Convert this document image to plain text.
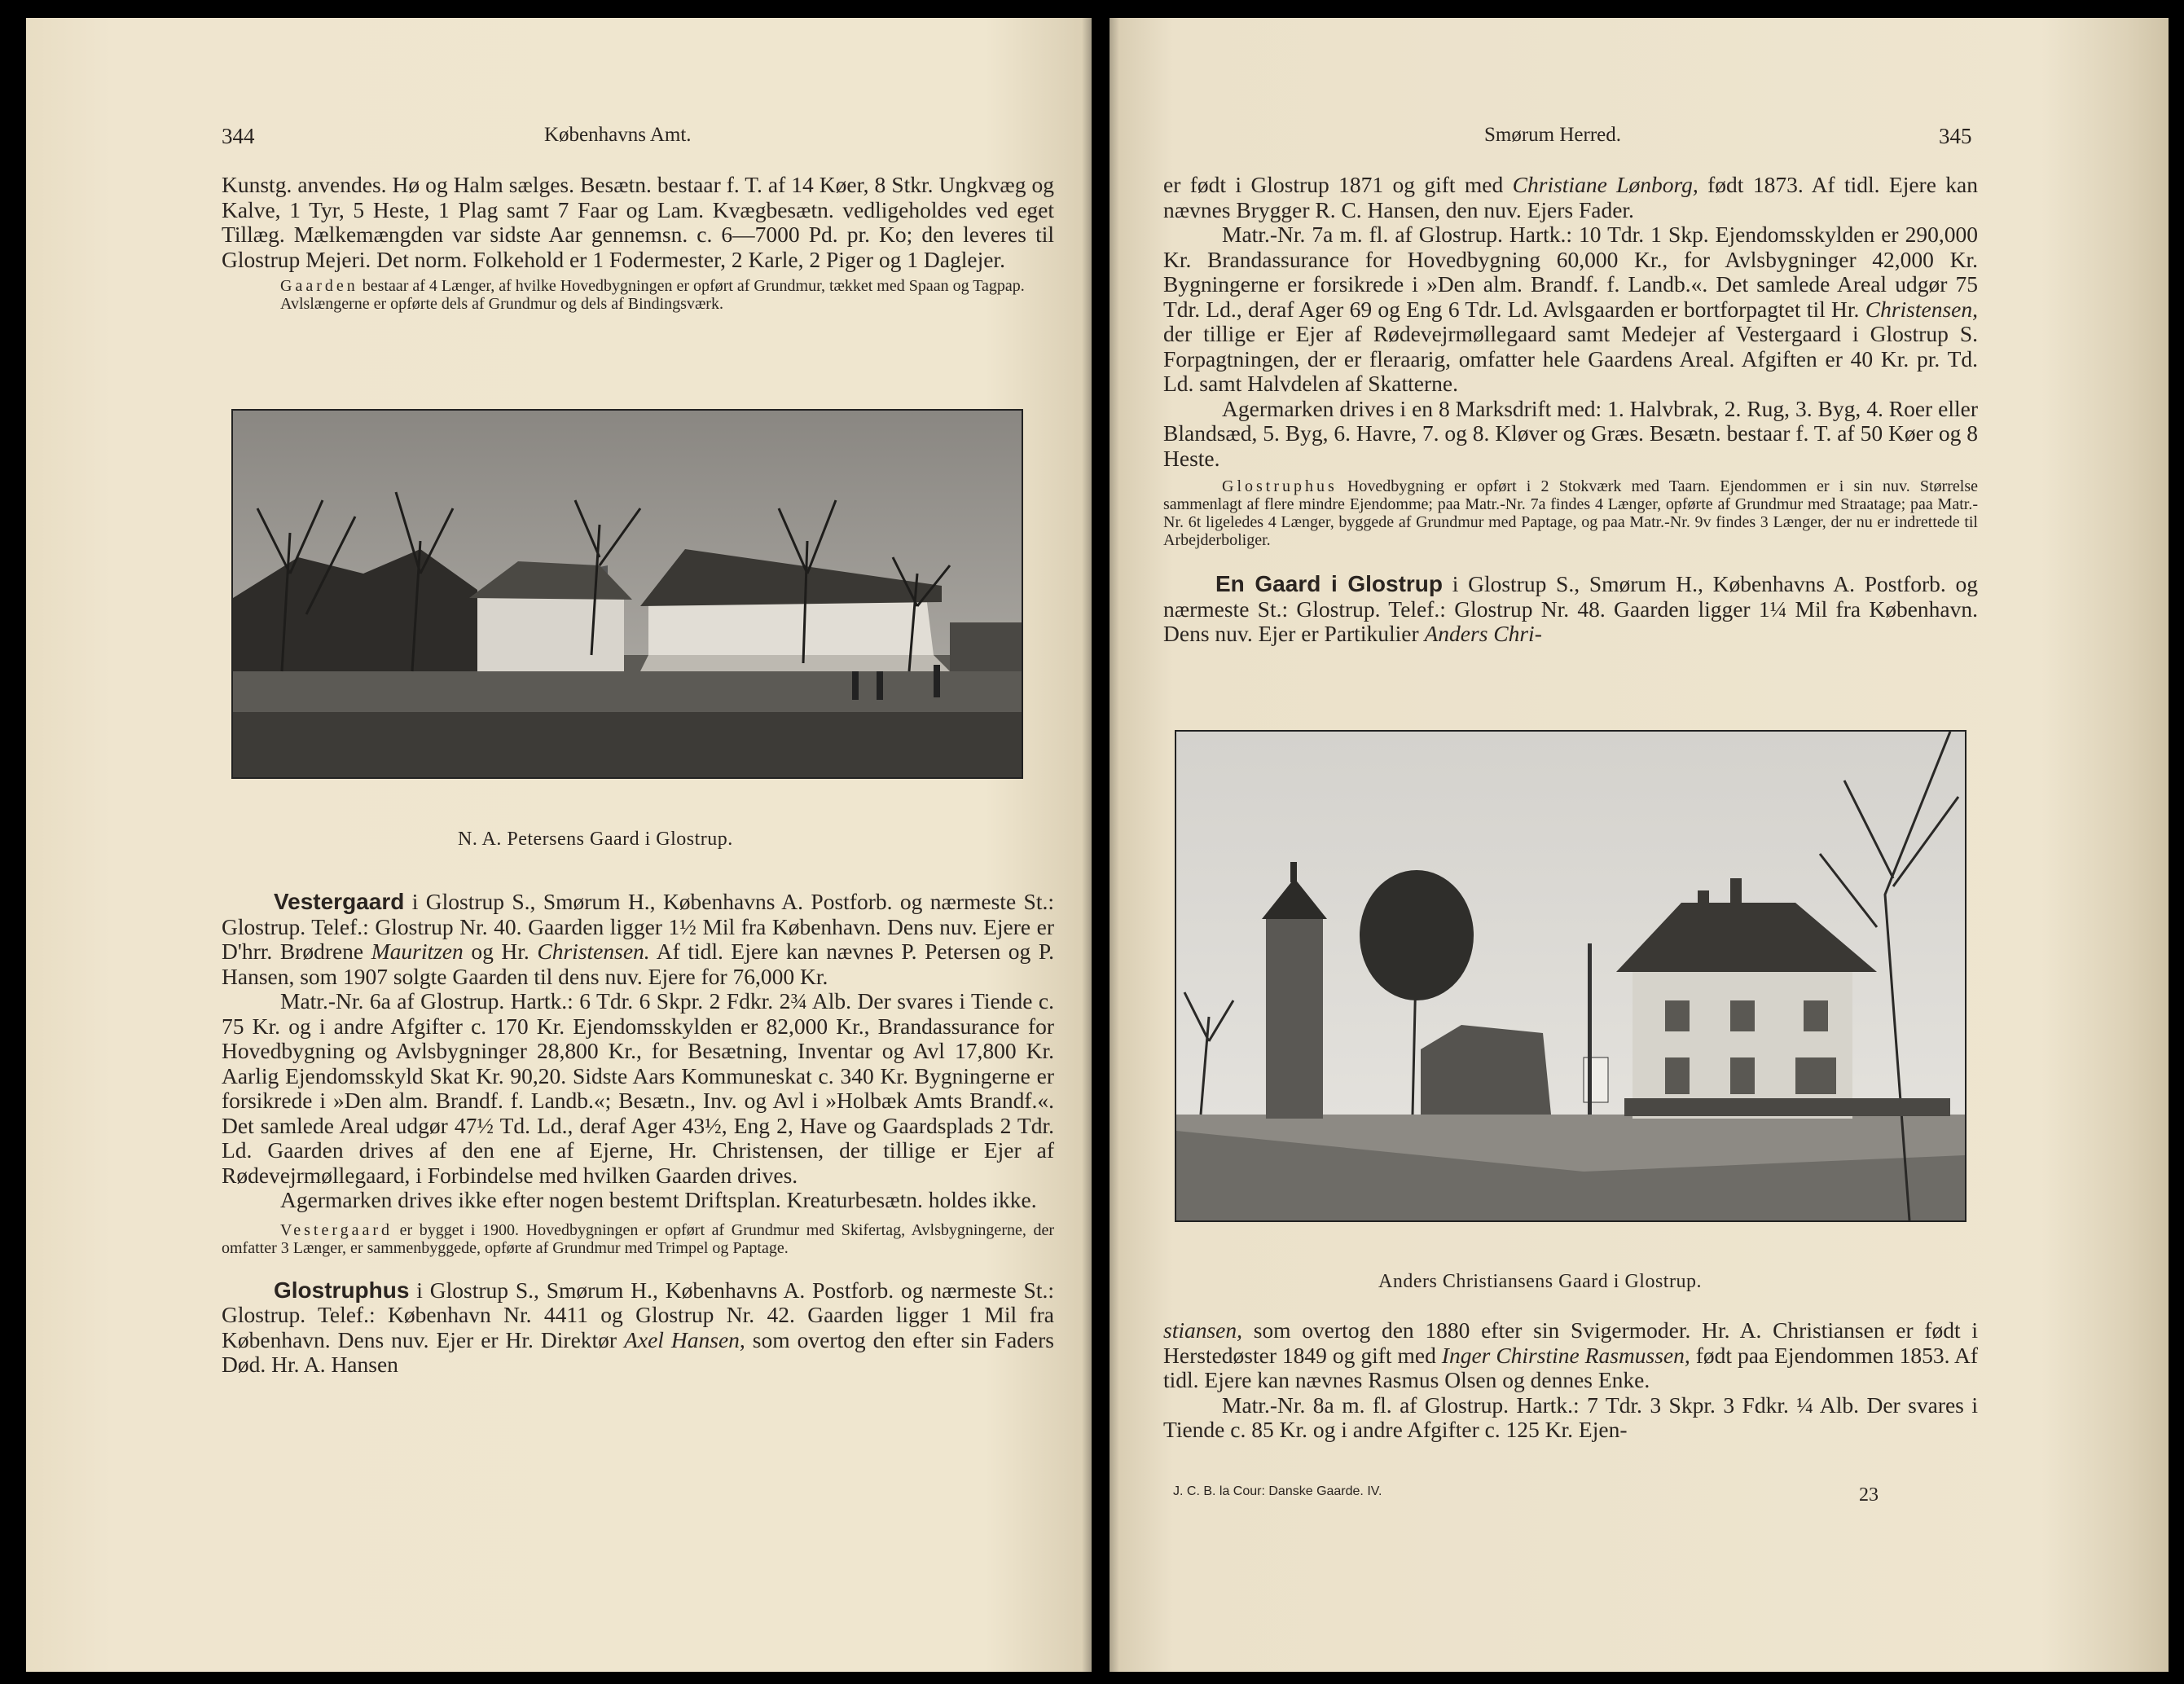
344	Københavns Amt.

Kunstg. anvendes. Hø og Halm sælges. Besætn. bestaar f. T. af 14 Køer, 8 Stkr. Ungkvæg og Kalve, 1 Tyr, 5 Heste, 1 Plag samt 7 Faar og Lam. Kvægbesætn. vedligeholdes ved eget Tillæg. Mælkemængden var sidste Aar gennemsn. c. 6—7000 Pd. pr. Ko; den leveres til Glostrup Mejeri. Det norm. Folkehold er 1 Fodermester, 2 Karle, 2 Piger og 1 Daglejer.

Gaarden bestaar af 4 Længer, af hvilke Hovedbygningen er opført af Grundmur, tækket med Spaan og Tagpap.

Avlslængerne er opførte dels af Grundmur og dels af Bindingsværk.

N. A. Petersens Gaard i Glostrup.

Vestergaard i Glostrup S., Smørum H., Københavns A. Postforb. og nærmeste St.: Glostrup. Telef.: Glostrup Nr. 40. Gaarden ligger 1½ Mil fra København. Dens nuv. Ejere er D'hrr. Brødrene Mauritzen og Hr. Christensen. Af tidl. Ejere kan nævnes P. Petersen og P. Hansen, som 1907 solgte Gaarden til dens nuv. Ejere for 76,000 Kr.

Matr.-Nr. 6a af Glostrup. Hartk.: 6 Tdr. 6 Skpr. 2 Fdkr. 2¾ Alb. Der svares i Tiende c. 75 Kr. og i andre Afgifter c. 170 Kr. Ejendomsskylden er 82,000 Kr., Brandassurance for Hovedbygning og Avlsbygninger 28,800 Kr., for Besætning, Inventar og Avl 17,800 Kr. Aarlig Ejendomsskyld Skat Kr. 90,20. Sidste Aars Kommuneskat c. 340 Kr. Bygningerne er forsikrede i »Den alm. Brandf. f. Landb.«; Besætn., Inv. og Avl i »Holbæk Amts Brandf.«. Det samlede Areal udgør 47½ Td. Ld., deraf Ager 43½, Eng 2, Have og Gaardsplads 2 Tdr. Ld. Gaarden drives af den ene af Ejerne, Hr. Christensen, der tillige er Ejer af Rødevejrmøllegaard, i Forbindelse med hvilken Gaarden drives.

Agermarken drives ikke efter nogen bestemt Driftsplan. Kreaturbesætn. holdes ikke.

Vestergaard er bygget i 1900. Hovedbygningen er opført af Grundmur med Skifertag, Avlsbygningerne, der omfatter 3 Længer, er sammenbyggede, opførte af Grundmur med Trimpel og Paptage.

Glostruphus i Glostrup S., Smørum H., Københavns A. Postforb. og nærmeste St.: Glostrup. Telef.: København Nr. 4411 og Glostrup Nr. 42. Gaarden ligger 1 Mil fra København. Dens nuv. Ejer er Hr. Direktør Axel Hansen, som overtog den efter sin Faders Død. Hr. A. Hansen

Smørum Herred.	345

er født i Glostrup 1871 og gift med Christiane Lønborg, født 1873. Af tidl. Ejere kan nævnes Brygger R. C. Hansen, den nuv. Ejers Fader.

Matr.-Nr. 7a m. fl. af Glostrup. Hartk.: 10 Tdr. 1 Skp. Ejendomsskylden er 290,000 Kr. Brandassurance for Hovedbygning 60,000 Kr., for Avlsbygninger 42,000 Kr. Bygningerne er forsikrede i »Den alm. Brandf. f. Landb.«. Det samlede Areal udgør 75 Tdr. Ld., deraf Ager 69 og Eng 6 Tdr. Ld. Avlsgaarden er bortforpagtet til Hr. Christensen, der tillige er Ejer af Rødevejrmøllegaard samt Medejer af Vestergaard i Glostrup S. Forpagtningen, der er fleraarig, omfatter hele Gaardens Areal. Afgiften er 40 Kr. pr. Td. Ld. samt Halvdelen af Skatterne.

Agermarken drives i en 8 Marksdrift med: 1. Halvbrak, 2. Rug, 3. Byg, 4. Roer eller Blandsæd, 5. Byg, 6. Havre, 7. og 8. Kløver og Græs. Besætn. bestaar f. T. af 50 Køer og 8 Heste.

Glostruphus Hovedbygning er opført i 2 Stokværk med Taarn. Ejendommen er i sin nuv. Størrelse sammenlagt af flere mindre Ejendomme; paa Matr.-Nr. 7a findes 4 Længer, opførte af Grundmur med Straatage; paa Matr.-Nr. 6t ligeledes 4 Længer, byggede af Grundmur med Paptage, og paa Matr.-Nr. 9v findes 3 Længer, der nu er indrettede til Arbejderboliger.

En Gaard i Glostrup i Glostrup S., Smørum H., Københavns A. Postforb. og nærmeste St.: Glostrup. Telef.: Glostrup Nr. 48. Gaarden ligger 1¼ Mil fra København. Dens nuv. Ejer er Partikulier Anders Chri-

Anders Christiansens Gaard i Glostrup.

stiansen, som overtog den 1880 efter sin Svigermoder. Hr. A. Christiansen er født i Herstedøster 1849 og gift med Inger Chirstine Rasmussen, født paa Ejendommen 1853. Af tidl. Ejere kan nævnes Rasmus Olsen og dennes Enke.

Matr.-Nr. 8a m. fl. af Glostrup. Hartk.: 7 Tdr. 3 Skpr. 3 Fdkr. ¼ Alb. Der svares i Tiende c. 85 Kr. og i andre Afgifter c. 125 Kr. Ejen-

J. C. B. la Cour: Danske Gaarde. IV.	23
